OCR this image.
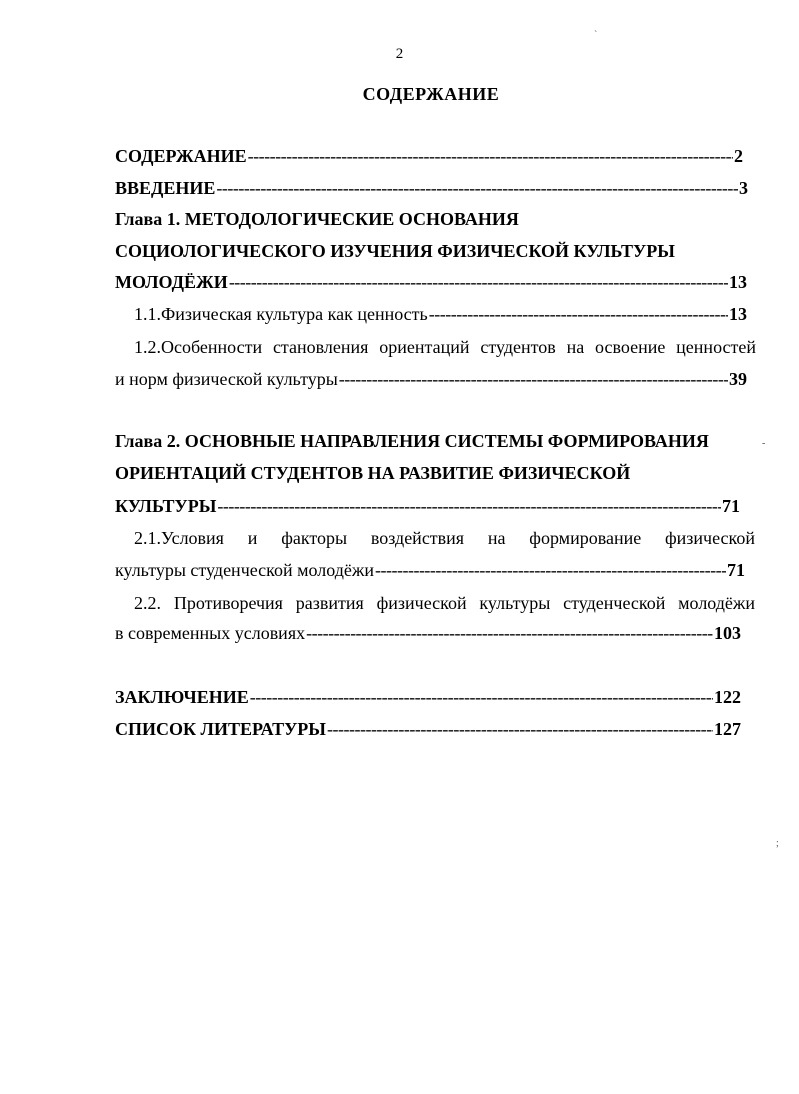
2
СОДЕРЖАНИЕ
СОДЕРЖАНИЕ -----	2
ВВЕДЕНИЕ -----	3
Глава 1. МЕТОДОЛОГИЧЕСКИЕ ОСНОВАНИЯ
СОЦИОЛОГИЧЕСКОГО ИЗУЧЕНИЯ ФИЗИЧЕСКОЙ КУЛЬТУРЫ
МОЛОДЁЖИ -----	13
1.1.Физическая культура как ценность -----	13
1.2.Особенности становления ориентаций студентов на освоение ценностей
и норм физической культуры -----	39
Глава 2. ОСНОВНЫЕ НАПРАВЛЕНИЯ СИСТЕМЫ ФОРМИРОВАНИЯ
ОРИЕНТАЦИЙ СТУДЕНТОВ НА РАЗВИТИЕ ФИЗИЧЕСКОЙ
КУЛЬТУРЫ -----	71
2.1.Условия и факторы воздействия на формирование физической
культуры студенческой молодёжи -----	71
2.2. Противоречия развития физической культуры студенческой молодёжи
в современных условиях -----	103
ЗАКЛЮЧЕНИЕ -----	122
СПИСОК ЛИТЕРАТУРЫ -----	127
`
-
;
